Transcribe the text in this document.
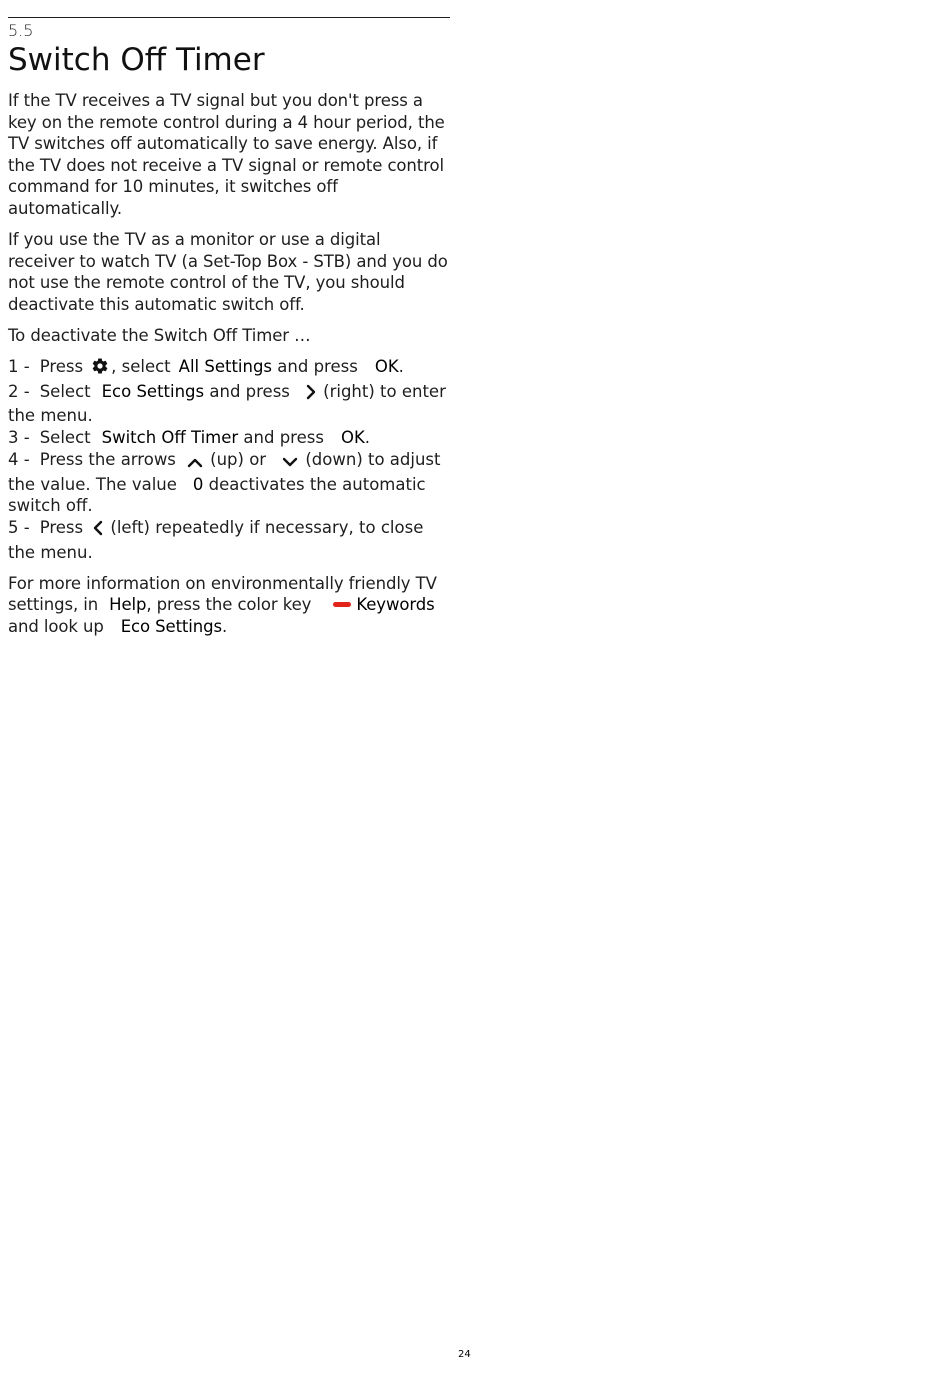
5.5
Switch Off Timer

If the TV receives a TV signal but you don't press a key on the remote control during a 4 hour period, the TV switches off automatically to save energy. Also, if the TV does not receive a TV signal or remote control command for 10 minutes, it switches off automatically.

If you use the TV as a monitor or use a digital receiver to watch TV (a Set-Top Box - STB) and you do not use the remote control of the TV, you should deactivate this automatic switch off.

To deactivate the Switch Off Timer …

1 - Press , select All Settings and press OK.
2 - Select Eco Settings and press (right) to enter the menu.
3 - Select Switch Off Timer and press OK.
4 - Press the arrows (up) or (down) to adjust the value. The value 0 deactivates the automatic switch off.
5 - Press (left) repeatedly if necessary, to close the menu.

For more information on environmentally friendly TV settings, in Help, press the color key	Keywords and look up Eco Settings.

24
